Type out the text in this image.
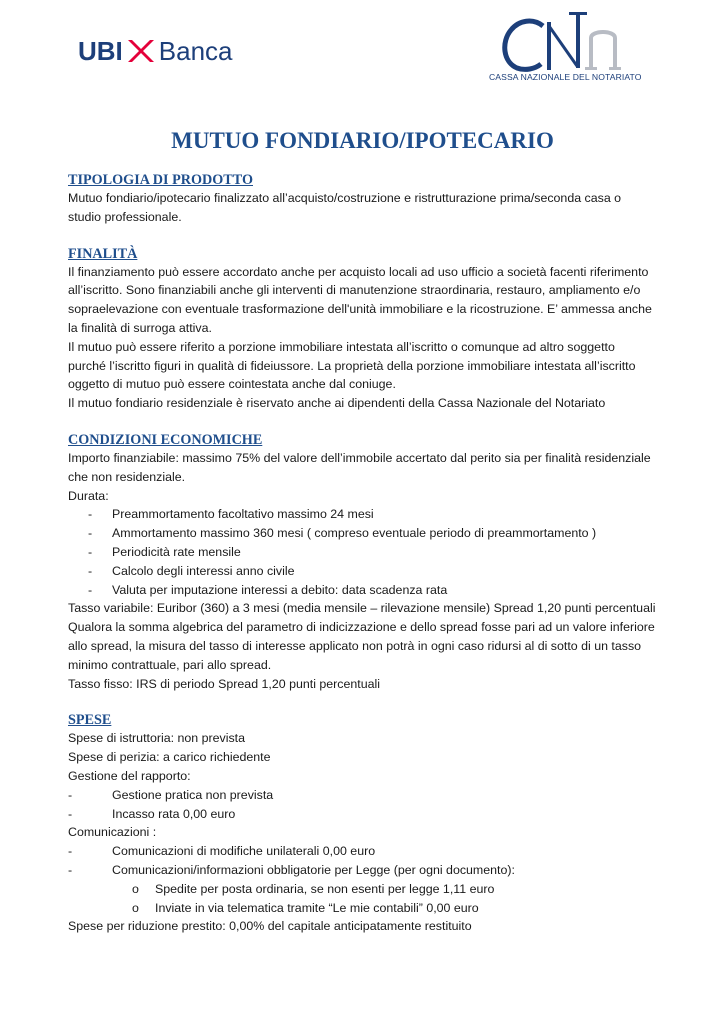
UBI Banca
CASSA NAZIONALE DEL NOTARIATO
MUTUO FONDIARIO/IPOTECARIO
TIPOLOGIA DI PRODOTTO

Mutuo fondiario/ipotecario finalizzato all’acquisto/costruzione e ristrutturazione prima/seconda casa o

studio professionale.

FINALITÀ

Il finanziamento può essere accordato anche per acquisto locali ad uso ufficio a società facenti riferimento

all’iscritto. Sono finanziabili anche gli interventi di manutenzione straordinaria, restauro, ampliamento e/o

sopraelevazione con eventuale trasformazione dell'unità immobiliare e la ricostruzione. E’ ammessa anche

la finalità di surroga attiva.

Il mutuo può essere riferito a porzione immobiliare intestata all’iscritto o comunque ad altro soggetto

purché l’iscritto figuri in qualità di fideiussore. La proprietà della porzione immobiliare intestata all’iscritto

oggetto di mutuo può essere cointestata anche dal coniuge.

Il mutuo fondiario residenziale è riservato anche ai dipendenti della Cassa Nazionale del Notariato

CONDIZIONI ECONOMICHE

Importo finanziabile: massimo 75% del valore dell’immobile accertato dal perito sia per finalità residenziale

che non residenziale.

Durata:

-	Preammortamento facoltativo massimo 24 mesi
-	Ammortamento massimo 360 mesi ( compreso eventuale periodo di preammortamento )
-	Periodicità rate mensile
-	Calcolo degli interessi anno civile
-	Valuta per imputazione interessi a debito: data scadenza rata

Tasso variabile: Euribor (360) a 3 mesi (media mensile – rilevazione mensile) Spread 1,20 punti percentuali

Qualora la somma algebrica del parametro di indicizzazione e dello spread fosse pari ad un valore inferiore

allo spread, la misura del tasso di interesse applicato non potrà in ogni caso ridursi al di sotto di un tasso

minimo contrattuale, pari allo spread.

Tasso fisso: IRS di periodo Spread 1,20 punti percentuali

SPESE

Spese di istruttoria: non prevista

Spese di perizia: a carico richiedente

Gestione del rapporto:

-	Gestione pratica non prevista
-	Incasso rata 0,00 euro

Comunicazioni :

-	Comunicazioni di modifiche unilaterali 0,00 euro
-	Comunicazioni/informazioni obbligatorie per Legge (per ogni documento):
o	Spedite per posta ordinaria, se non esenti per legge 1,11 euro
o	Inviate in via telematica tramite “Le mie contabili” 0,00 euro

Spese per riduzione prestito: 0,00% del capitale anticipatamente restituito
